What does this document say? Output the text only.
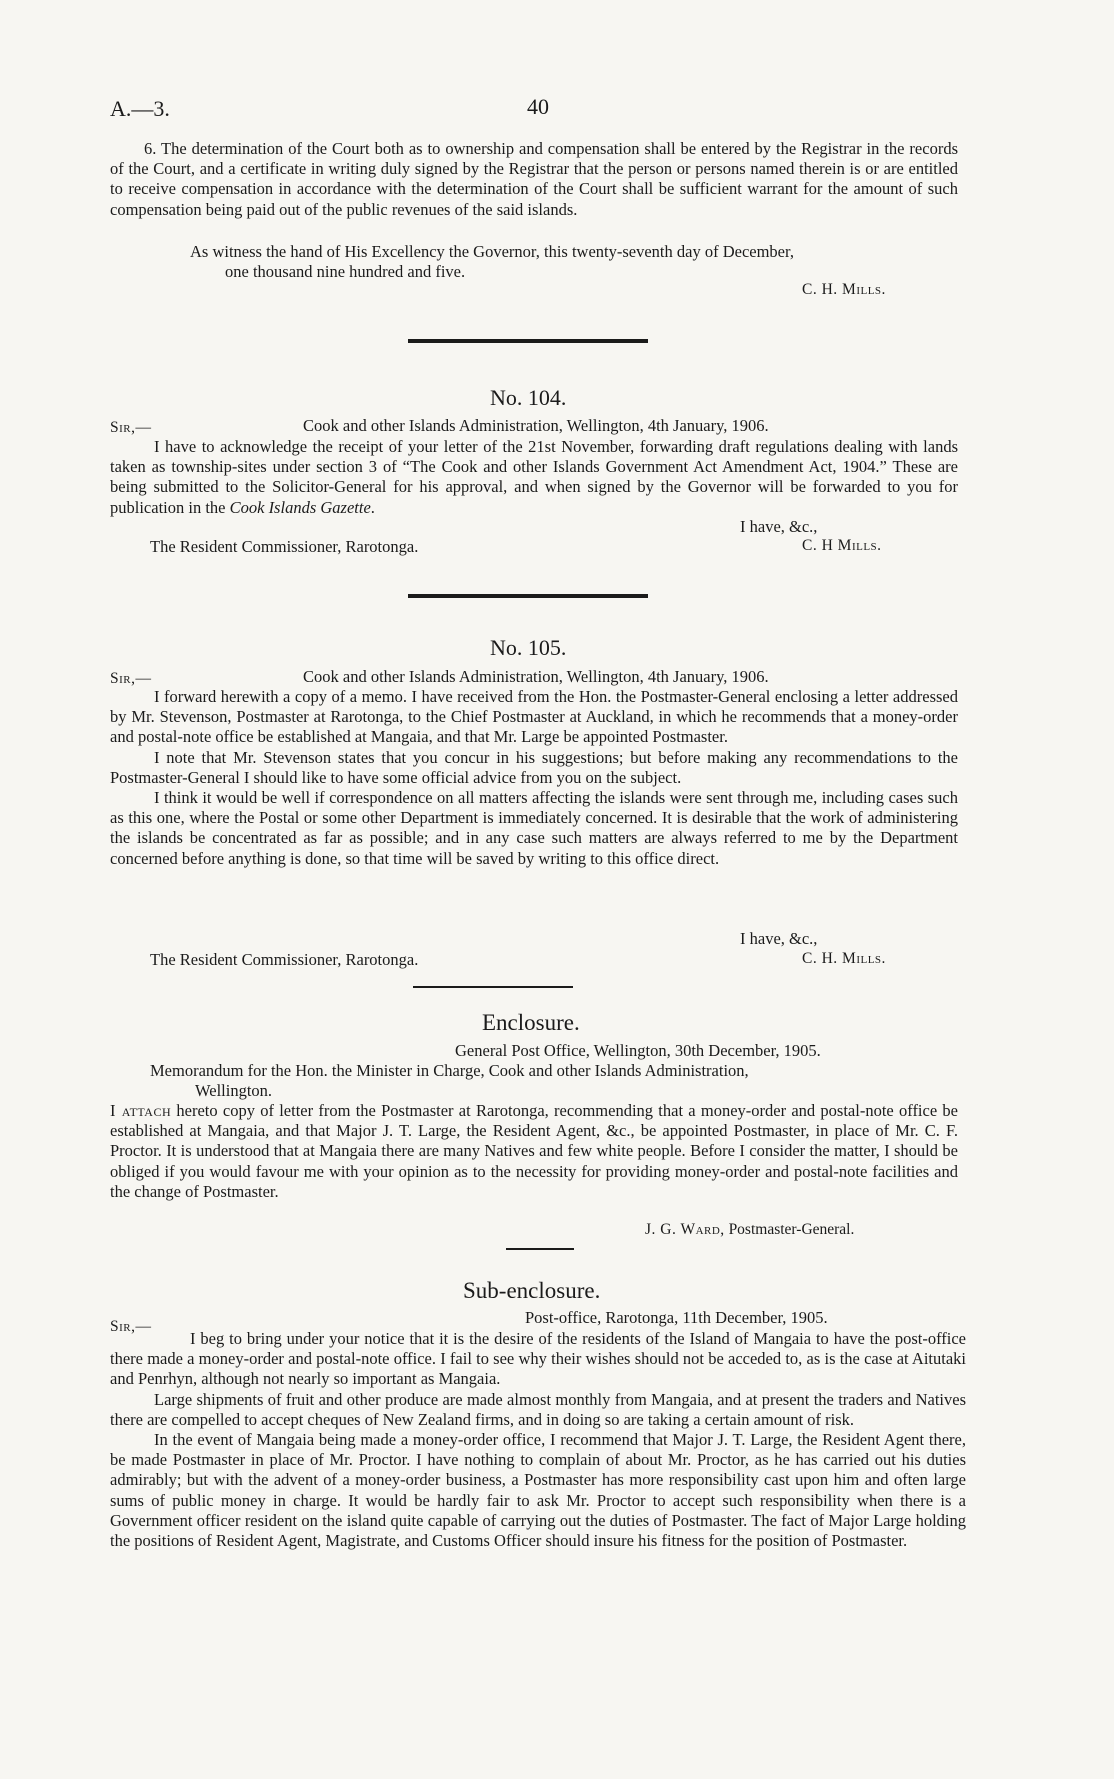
A.—3.	40
6. The determination of the Court both as to ownership and compensation shall be entered by the Registrar in the records of the Court, and a certificate in writing duly signed by the Registrar that the person or persons named therein is or are entitled to receive compensation in accordance with the determination of the Court shall be sufficient warrant for the amount of such compensation being paid out of the public revenues of the said islands.
As witness the hand of His Excellency the Governor, this twenty-seventh day of December,
one thousand nine hundred and five.
C. H. Mills.
No. 104.
Sir,—	Cook and other Islands Administration, Wellington, 4th January, 1906.
I have to acknowledge the receipt of your letter of the 21st November, forwarding draft regulations dealing with lands taken as township-sites under section 3 of “The Cook and other Islands Government Act Amendment Act, 1904.” These are being submitted to the Solicitor-General for his approval, and when signed by the Governor will be forwarded to you for publication in the Cook Islands Gazette.
I have, &c.,
The Resident Commissioner, Rarotonga.	C. H Mills.
No. 105.
Sir,—	Cook and other Islands Administration, Wellington, 4th January, 1906.
I forward herewith a copy of a memo. I have received from the Hon. the Postmaster-General enclosing a letter addressed by Mr. Stevenson, Postmaster at Rarotonga, to the Chief Postmaster at Auckland, in which he recommends that a money-order and postal-note office be established at Mangaia, and that Mr. Large be appointed Postmaster.
I note that Mr. Stevenson states that you concur in his suggestions; but before making any recommendations to the Postmaster-General I should like to have some official advice from you on the subject.
I think it would be well if correspondence on all matters affecting the islands were sent through me, including cases such as this one, where the Postal or some other Department is immediately concerned. It is desirable that the work of administering the islands be concentrated as far as possible; and in any case such matters are always referred to me by the Department concerned before anything is done, so that time will be saved by writing to this office direct.
I have, &c.,
The Resident Commissioner, Rarotonga.	C. H. Mills.
Enclosure.
General Post Office, Wellington, 30th December, 1905.
Memorandum for the Hon. the Minister in Charge, Cook and other Islands Administration,
Wellington.
I attach hereto copy of letter from the Postmaster at Rarotonga, recommending that a money-order and postal-note office be established at Mangaia, and that Major J. T. Large, the Resident Agent, &c., be appointed Postmaster, in place of Mr. C. F. Proctor. It is understood that at Mangaia there are many Natives and few white people. Before I consider the matter, I should be obliged if you would favour me with your opinion as to the necessity for providing money-order and postal-note facilities and the change of Postmaster.
J. G. Ward, Postmaster-General.
Sub-enclosure.
Sir,—	Post-office, Rarotonga, 11th December, 1905.
I beg to bring under your notice that it is the desire of the residents of the Island of Mangaia to have the post-office there made a money-order and postal-note office. I fail to see why their wishes should not be acceded to, as is the case at Aitutaki and Penrhyn, although not nearly so important as Mangaia.
Large shipments of fruit and other produce are made almost monthly from Mangaia, and at present the traders and Natives there are compelled to accept cheques of New Zealand firms, and in doing so are taking a certain amount of risk.
In the event of Mangaia being made a money-order office, I recommend that Major J. T. Large, the Resident Agent there, be made Postmaster in place of Mr. Proctor. I have nothing to complain of about Mr. Proctor, as he has carried out his duties admirably; but with the advent of a money-order business, a Postmaster has more responsibility cast upon him and often large sums of public money in charge. It would be hardly fair to ask Mr. Proctor to accept such responsibility when there is a Government officer resident on the island quite capable of carrying out the duties of Postmaster. The fact of Major Large holding the positions of Resident Agent, Magistrate, and Customs Officer should insure his fitness for the position of Postmaster.
